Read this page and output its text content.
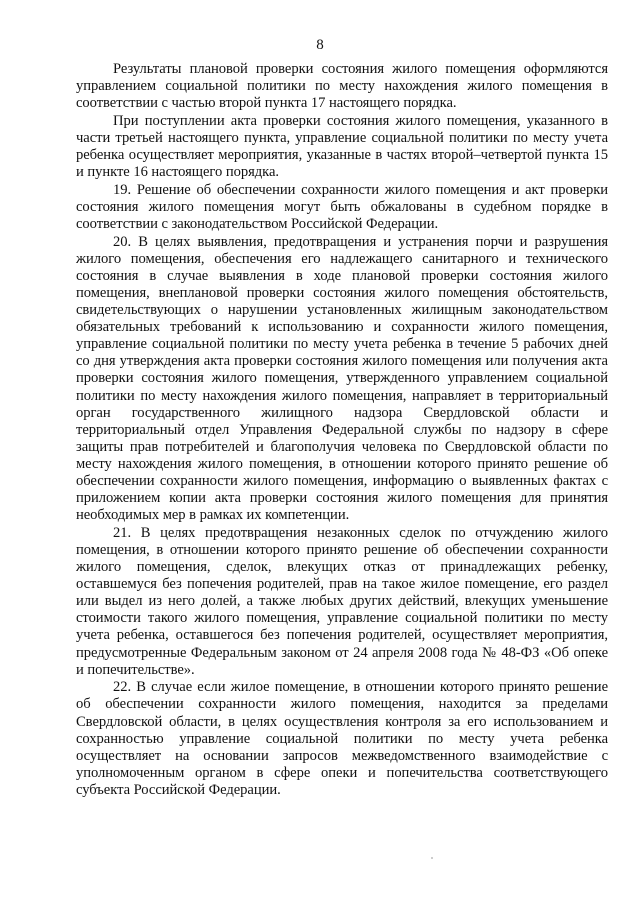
8

Результаты плановой проверки состояния жилого помещения оформляются управлением социальной политики по месту нахождения жилого помещения в соответствии с частью второй пункта 17 настоящего порядка.

При поступлении акта проверки состояния жилого помещения, указанного в части третьей настоящего пункта, управление социальной политики по месту учета ребенка осуществляет мероприятия, указанные в частях второй–четвертой пункта 15 и пункте 16 настоящего порядка.

19. Решение об обеспечении сохранности жилого помещения и акт проверки состояния жилого помещения могут быть обжалованы в судебном порядке в соответствии с законодательством Российской Федерации.

20. В целях выявления, предотвращения и устранения порчи и разрушения жилого помещения, обеспечения его надлежащего санитарного и технического состояния в случае выявления в ходе плановой проверки состояния жилого помещения, внеплановой проверки состояния жилого помещения обстоятельств, свидетельствующих о нарушении установленных жилищным законодательством обязательных требований к использованию и сохранности жилого помещения, управление социальной политики по месту учета ребенка в течение 5 рабочих дней со дня утверждения акта проверки состояния жилого помещения или получения акта проверки состояния жилого помещения, утвержденного управлением социальной политики по месту нахождения жилого помещения, направляет в территориальный орган государственного жилищного надзора Свердловской области и территориальный отдел Управления Федеральной службы по надзору в сфере защиты прав потребителей и благополучия человека по Свердловской области по месту нахождения жилого помещения, в отношении которого принято решение об обеспечении сохранности жилого помещения, информацию о выявленных фактах с приложением копии акта проверки состояния жилого помещения для принятия необходимых мер в рамках их компетенции.

21. В целях предотвращения незаконных сделок по отчуждению жилого помещения, в отношении которого принято решение об обеспечении сохранности жилого помещения, сделок, влекущих отказ от принадлежащих ребенку, оставшемуся без попечения родителей, прав на такое жилое помещение, его раздел или выдел из него долей, а также любых других действий, влекущих уменьшение стоимости такого жилого помещения, управление социальной политики по месту учета ребенка, оставшегося без попечения родителей, осуществляет мероприятия, предусмотренные Федеральным законом от 24 апреля 2008 года № 48-ФЗ «Об опеке и попечительстве».

22. В случае если жилое помещение, в отношении которого принято решение об обеспечении сохранности жилого помещения, находится за пределами Свердловской области, в целях осуществления контроля за его использованием и сохранностью управление социальной политики по месту учета ребенка осуществляет на основании запросов межведомственного взаимодействие с уполномоченным органом в сфере опеки и попечительства соответствующего субъекта Российской Федерации.
